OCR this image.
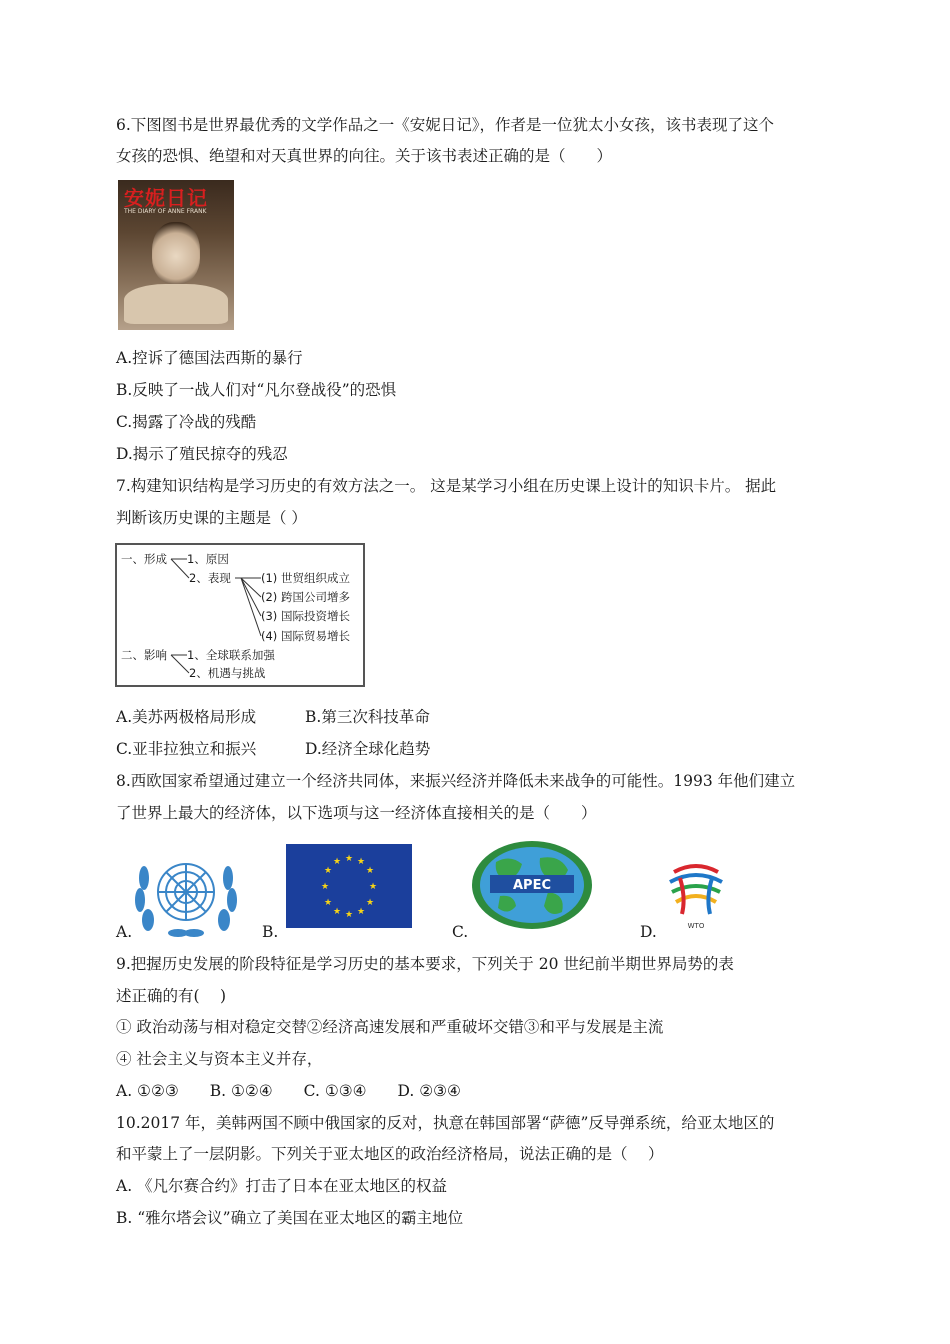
6.下图图书是世界最优秀的文学作品之一《安妮日记》，作者是一位犹太小女孩，该书表现了这个
女孩的恐惧、绝望和对天真世界的向往。关于该书表述正确的是（　　）
安妮日记
THE DIARY OF ANNE FRANK
A.控诉了德国法西斯的暴行
B.反映了一战人们对“凡尔登战役”的恐惧
C.揭露了冷战的残酷
D.揭示了殖民掠夺的残忍
7.构建知识结构是学习历史的有效方法之一。 这是某学习小组在历史课上设计的知识卡片。 据此
判断该历史课的主题是（ ）
一、形成 1、原因
2、表现	(1) 世贸组织成立
(2) 跨国公司增多
(3) 国际投资增长
(4) 国际贸易增长
二、影响 1、全球联系加强
2、机遇与挑战
A.美苏两极格局形成	B.第三次科技革命
C.亚非拉独立和振兴	D.经济全球化趋势
8.西欧国家希望通过建立一个经济共同体，来振兴经济并降低未来战争的可能性。1993 年他们建立
了世界上最大的经济体，以下选项与这一经济体直接相关的是（　　）
★ ★
★
★
★
★
★
★
★
★
★
★
APEC
WTO
A.	B.	C.	D.
9.把握历史发展的阶段特征是学习历史的基本要求，下列关于 20 世纪前半期世界局势的表
述正确的有(　 )
① 政治动荡与相对稳定交替②经济高速发展和严重破坏交错③和平与发展是主流
④ 社会主义与资本主义并存，
A. ①②③　　B. ①②④　　C. ①③④　　D. ②③④
10.2017 年，美韩两国不顾中俄国家的反对，执意在韩国部署“萨德”反导弹系统，给亚太地区的
和平蒙上了一层阴影。下列关于亚太地区的政治经济格局，说法正确的是（　 ）
A. 《凡尔赛合约》打击了日本在亚太地区的权益
B. “雅尔塔会议”确立了美国在亚太地区的霸主地位
